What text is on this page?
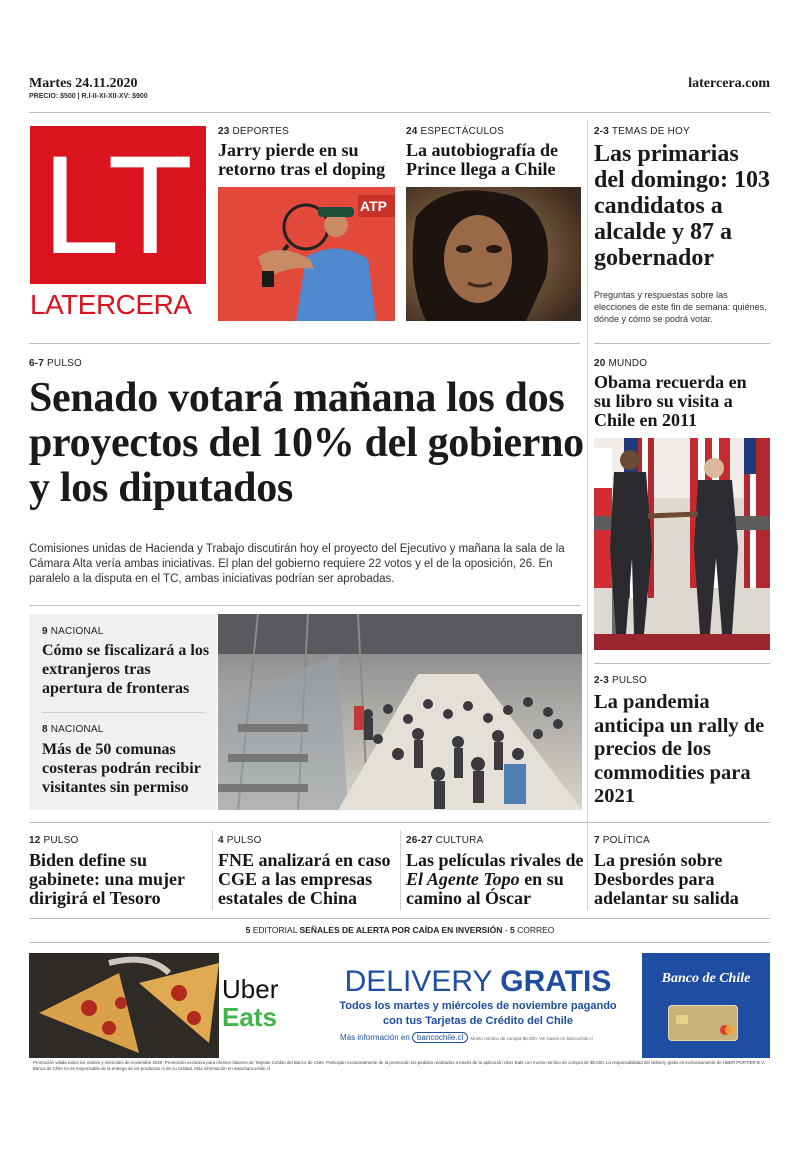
Martes 24.11.2020
PRECIO: $500 | R.I-II-XI-XII-XV: $900
latercera.com
LT
LATERCERA
23 DEPORTES
Jarry pierde en su retorno tras el doping
ATP
24 ESPECTÁCULOS
La autobiografía de Prince llega a Chile
2-3 TEMAS DE HOY
Las primarias del domingo: 103 candidatos a alcalde y 87 a gobernador
Preguntas y respuestas sobre las elecciones de este fin de semana: quiénes, dónde y cómo se podrá votar.
6-7 PULSO
Senado votará mañana los dos proyectos del 10% del gobierno y los diputados
Comisiones unidas de Hacienda y Trabajo discutirán hoy el proyecto del Ejecutivo y mañana la sala de la Cámara Alta vería ambas iniciativas. El plan del gobierno requiere 22 votos y el de la oposición, 26. En paralelo a la disputa en el TC, ambas iniciativas podrían ser aprobadas.
20 MUNDO
Obama recuerda en su libro su visita a Chile en 2011
2-3 PULSO
La pandemia anticipa un rally de precios de los commodities para 2021
9 NACIONAL
Cómo se fiscalizará a los extranjeros tras apertura de fronteras
8 NACIONAL
Más de 50 comunas costeras podrán recibir visitantes sin permiso
12 PULSO
Biden define su gabinete: una mujer dirigirá el Tesoro
4 PULSO
FNE analizará en caso CGE a las empresas estatales de China
26-27 CULTURA
Las películas rivales de El Agente Topo en su camino al Óscar
7 POLÍTICA
La presión sobre Desbordes para adelantar su salida
5 EDITORIAL SEÑALES DE ALERTA POR CAÍDA EN INVERSIÓN - 5 CORREO
Uber
Eats
DELIVERY GRATIS
Todos los martes y miércoles de noviembre pagando
con tus Tarjetas de Crédito del Chile
Más información en bancochile.cl Monto mínimo de compra $6.000. Ver bases en bancochile.cl
Banco de Chile
Promoción válida todos los martes y miércoles de noviembre 2020. Promoción exclusiva para clientes titulares de Tarjetas Crédito del Banco de Chile. Participan exclusivamente de la promoción los pedidos realizados a través de la aplicación Uber Eats con monto mínimo de compra de $6.000. La responsabilidad del delivery gratis es exclusivamente de UBER PORTIER B.V. Banco de Chile no es responsable de la entrega de los productos ni de su calidad. Más información en www.bancochile.cl
